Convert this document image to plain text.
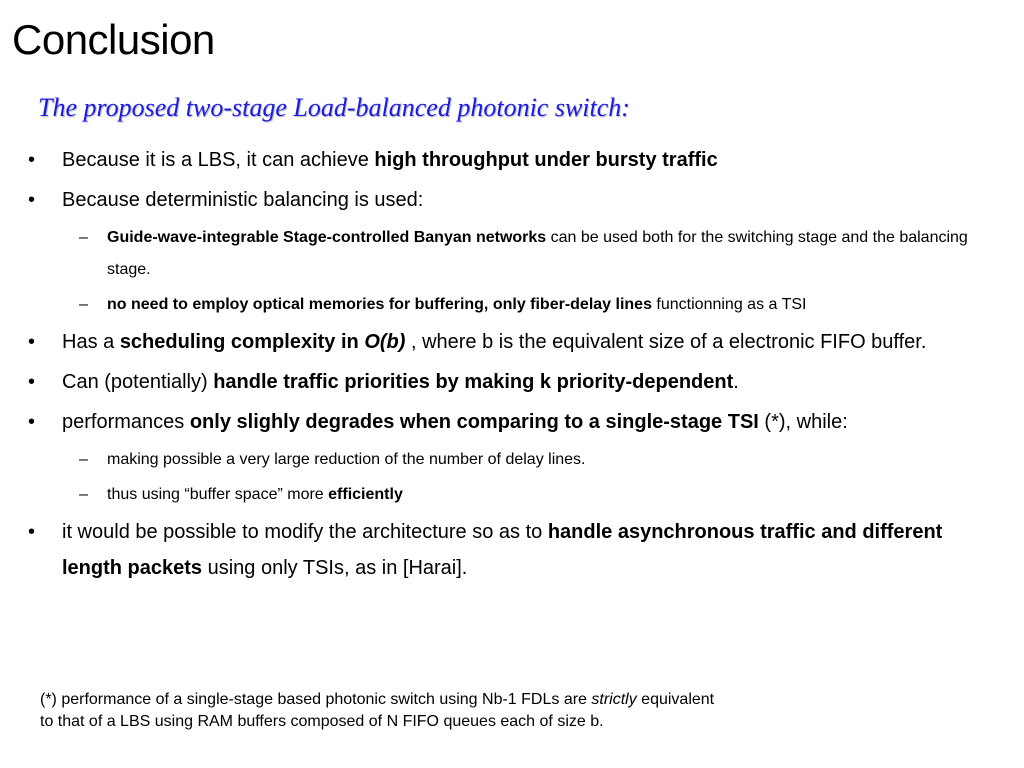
Conclusion
The proposed two-stage Load-balanced photonic switch:
• Because it is a LBS, it can achieve high throughput under bursty traffic
• Because deterministic balancing is used:
– Guide-wave-integrable Stage-controlled Banyan networks can be used both for the switching stage and the balancing stage.
– no need to employ optical memories for buffering, only fiber-delay lines functionning as a TSI
• Has a scheduling complexity in O(b) , where b is the equivalent size of a electronic FIFO buffer.
• Can (potentially) handle traffic priorities by making k priority-dependent.
• performances only slighly degrades when comparing to a single-stage TSI (*), while:
– making possible a very large reduction of the number of delay lines.
– thus using “buffer space” more efficiently
• it would be possible to modify the architecture so as to handle asynchronous traffic and different length packets using only TSIs, as in [Harai].
(*) performance of a single-stage based photonic switch using Nb-1 FDLs are strictly equivalent
to that of a LBS using RAM buffers composed of N FIFO queues each of size b.
